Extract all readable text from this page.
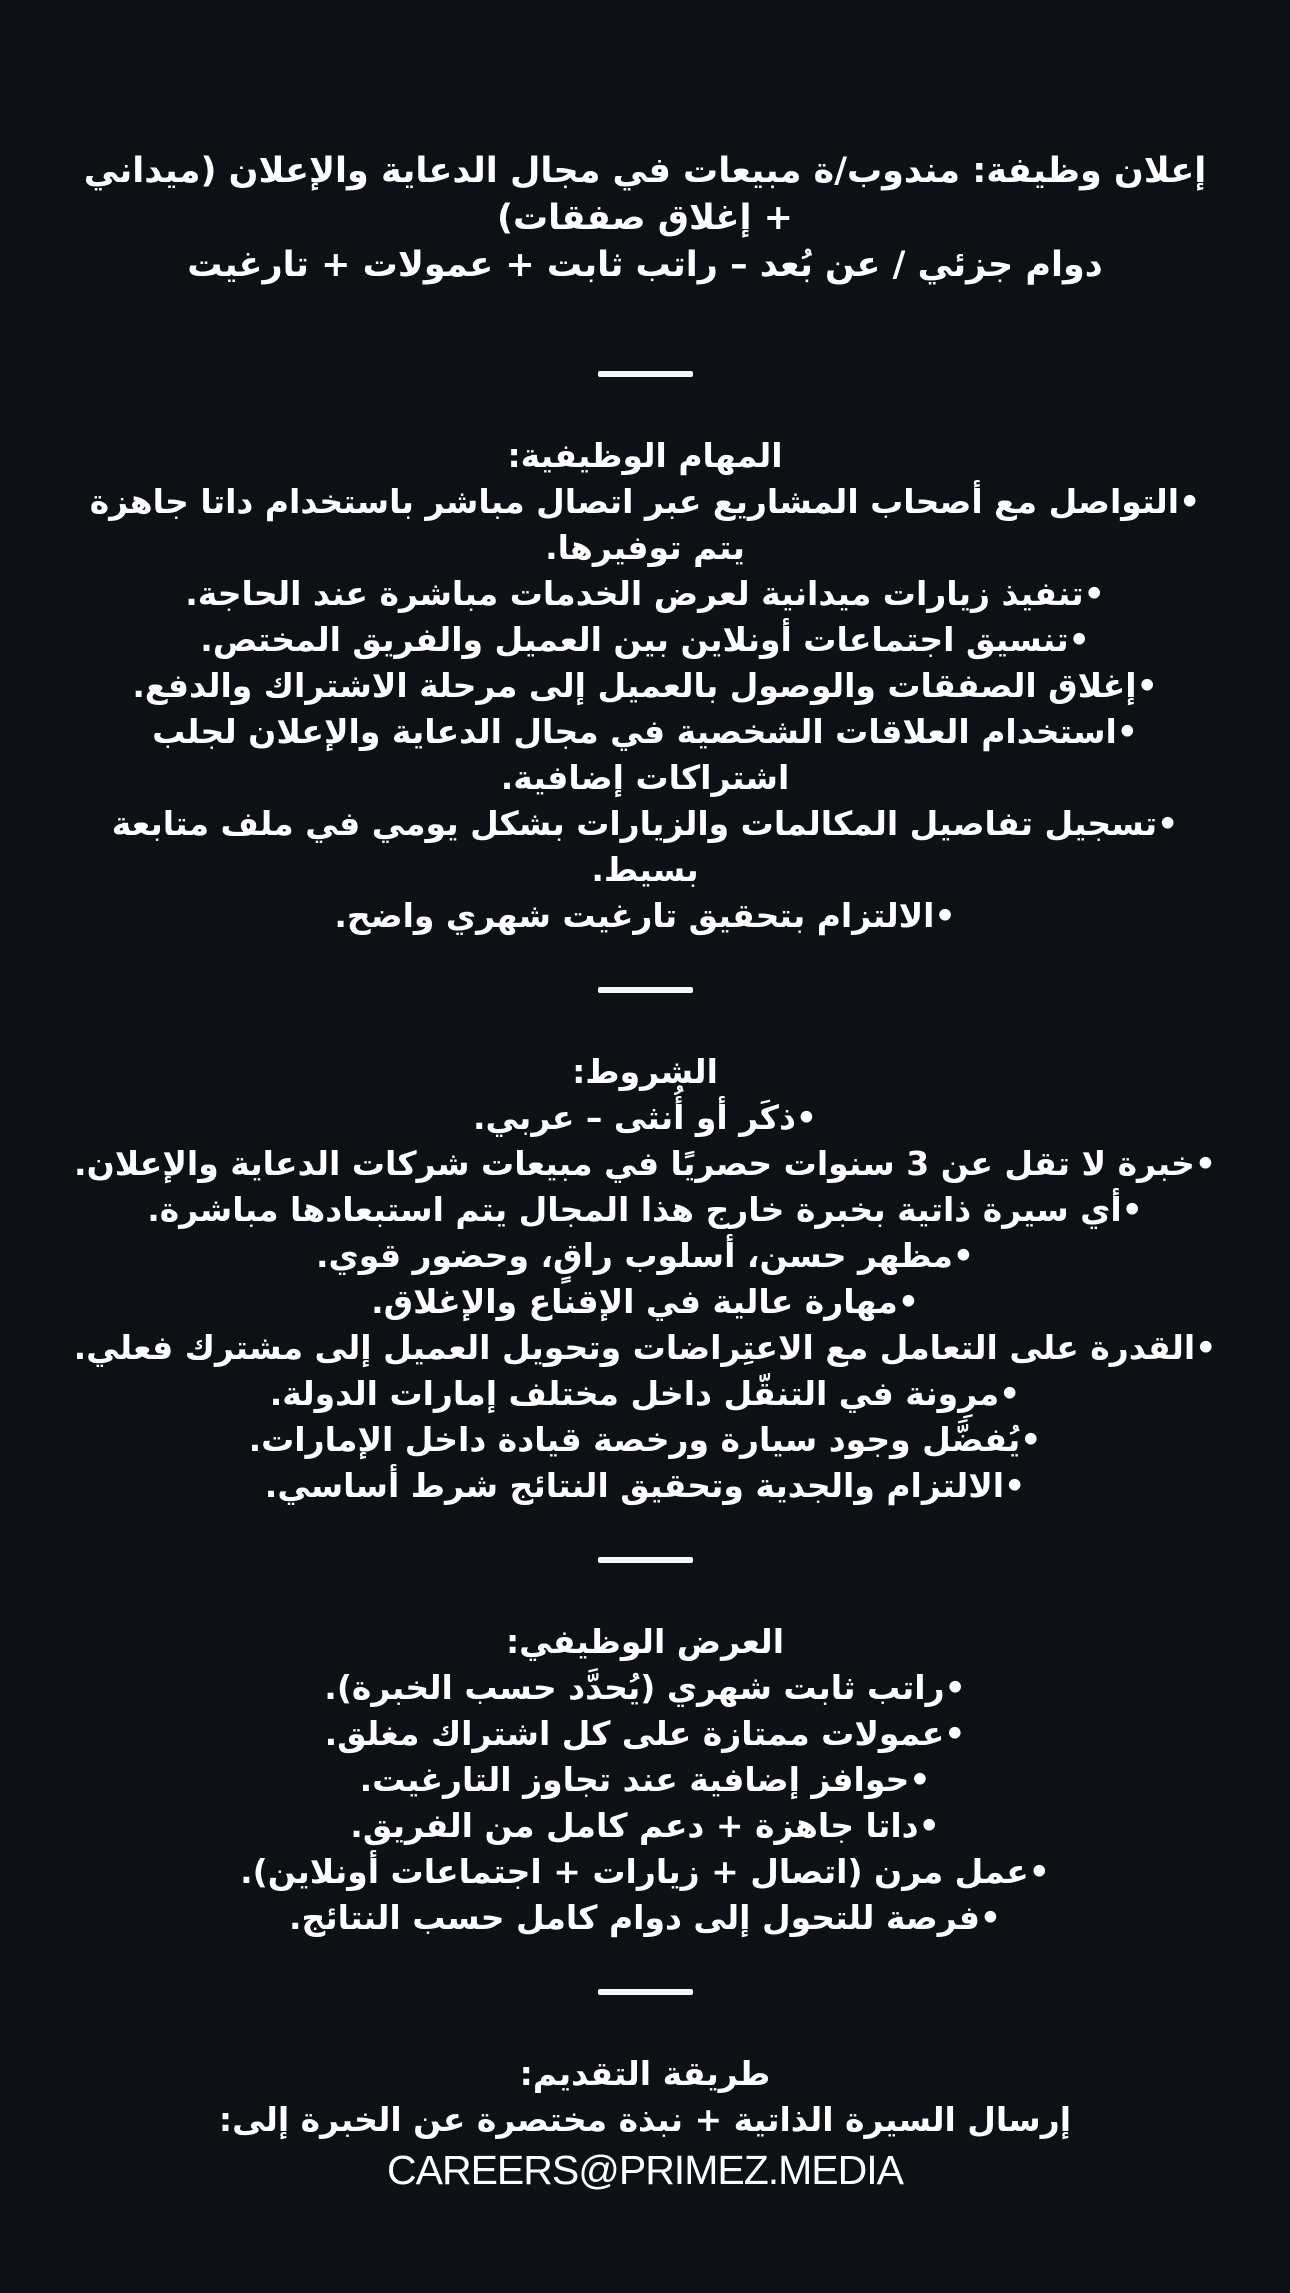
إعلان وظيفة: مندوب/ة مبيعات في مجال الدعاية والإعلان (ميداني + إغلاق صفقات)

دوام جزئي / عن بُعد – راتب ثابت + عمولات + تارغيت

المهام الوظيفية:

•التواصل مع أصحاب المشاريع عبر اتصال مباشر باستخدام داتا جاهزة يتم توفيرها.

•تنفيذ زيارات ميدانية لعرض الخدمات مباشرة عند الحاجة.

•تنسيق اجتماعات أونلاين بين العميل والفريق المختص.

•إغلاق الصفقات والوصول بالعميل إلى مرحلة الاشتراك والدفع.

•استخدام العلاقات الشخصية في مجال الدعاية والإعلان لجلب اشتراكات إضافية.

•تسجيل تفاصيل المكالمات والزيارات بشكل يومي في ملف متابعة بسيط.

•الالتزام بتحقيق تارغيت شهري واضح.

الشروط:

•ذكَر أو أُنثى – عربي.

•خبرة لا تقل عن 3 سنوات حصريًا في مبيعات شركات الدعاية والإعلان.

•أي سيرة ذاتية بخبرة خارج هذا المجال يتم استبعادها مباشرة.

•مظهر حسن، أسلوب راقٍ، وحضور قوي.

•مهارة عالية في الإقناع والإغلاق.

•القدرة على التعامل مع الاعتِراضات وتحويل العميل إلى مشترك فعلي.

•مرِونة في التنقّل داخل مختلف إمارات الدولة.

•يُفضَّل وجود سيارة ورخصة قيادة داخل الإمارات.

•الالتزام والجدية وتحقيق النتائج شرط أساسي.

العرض الوظيفي:

•راتب ثابت شهري (يُحدَّد حسب الخبرة).

•عمولات ممتازة على كل اشتراك مغلق.

•حوافز إضافية عند تجاوز التارغيت.

•داتا جاهزة + دعم كامل من الفريق.

•عمل مرن (اتصال + زيارات + اجتماعات أونلاين).

•فرصة للتحول إلى دوام كامل حسب النتائج.

طريقة التقديم:

إرسال السيرة الذاتية + نبذة مختصرة عن الخبرة إلى:

CAREERS@PRIMEZ.MEDIA
